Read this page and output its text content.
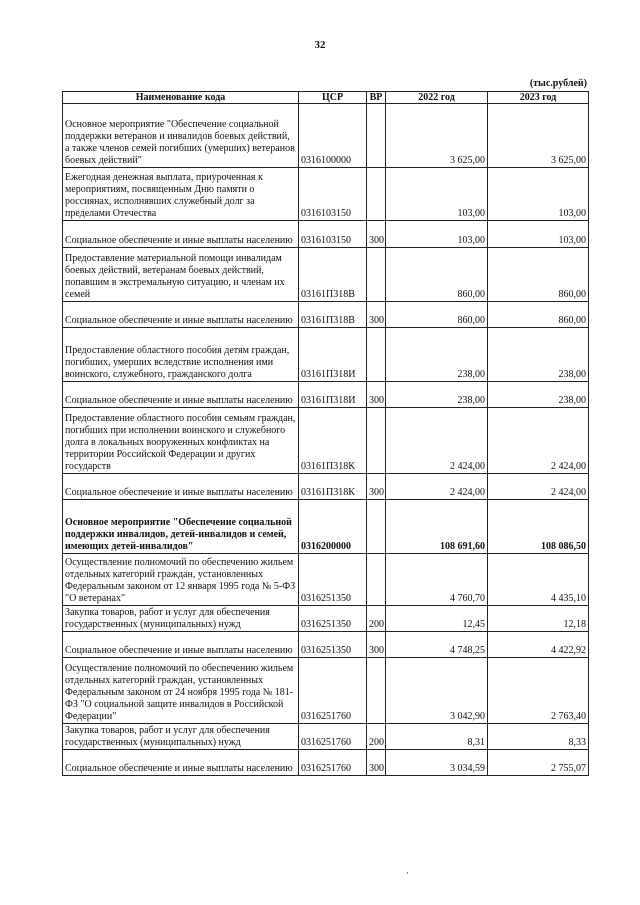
32
(тыс.рублей)
Наименование кода	ЦСР	ВР	2022 год	2023 год
Основное мероприятие "Обеспечение социальной поддержки ветеранов и инвалидов боевых действий, а также членов семей погибших (умерших) ветеранов боевых действий"	0316100000		3 625,00	3 625,00
Ежегодная денежная выплата, приуроченная к мероприятиям, посвященным Дню памяти о россиянах, исполнявших служебный долг за пределами Отечества	0316103150		103,00	103,00
Социальное обеспечение и иные выплаты населению	0316103150	300	103,00	103,00
Предоставление материальной помощи инвалидам боевых действий, ветеранам боевых действий, попавшим в экстремальную ситуацию, и членам их семей	03161П318В		860,00	860,00
Социальное обеспечение и иные выплаты населению	03161П318В	300	860,00	860,00
Предоставление областного пособия детям граждан, погибших, умерших вследствие исполнения ими воинского, служебного, гражданского долга	03161П318И		238,00	238,00
Социальное обеспечение и иные выплаты населению	03161П318И	300	238,00	238,00
Предоставление областного пособия семьям граждан, погибших при исполнении воинского и служебного долга в локальных вооруженных конфликтах на территории Российской Федерации и других государств	03161П318К		2 424,00	2 424,00
Социальное обеспечение и иные выплаты населению	03161П318К	300	2 424,00	2 424,00
Основное мероприятие "Обеспечение социальной поддержки инвалидов, детей-инвалидов и семей, имеющих детей-инвалидов"	0316200000		108 691,60	108 086,50
Осуществление полномочий по обеспечению жильем отдельных категорий граждан, установленных Федеральным законом от 12 января 1995 года № 5-ФЗ "О ветеранах"	0316251350		4 760,70	4 435,10
Закупка товаров, работ и услуг для обеспечения государственных (муниципальных) нужд	0316251350	200	12,45	12,18
Социальное обеспечение и иные выплаты населению	0316251350	300	4 748,25	4 422,92
Осуществление полномочий по обеспечению жильем отдельных категорий граждан, установленных Федеральным законом от 24 ноября 1995 года № 181-ФЗ "О социальной защите инвалидов в Российской Федерации"	0316251760		3 042,90	2 763,40
Закупка товаров, работ и услуг для обеспечения государственных (муниципальных) нужд	0316251760	200	8,31	8,33
Социальное обеспечение и иные выплаты населению	0316251760	300	3 034,59	2 755,07
·
